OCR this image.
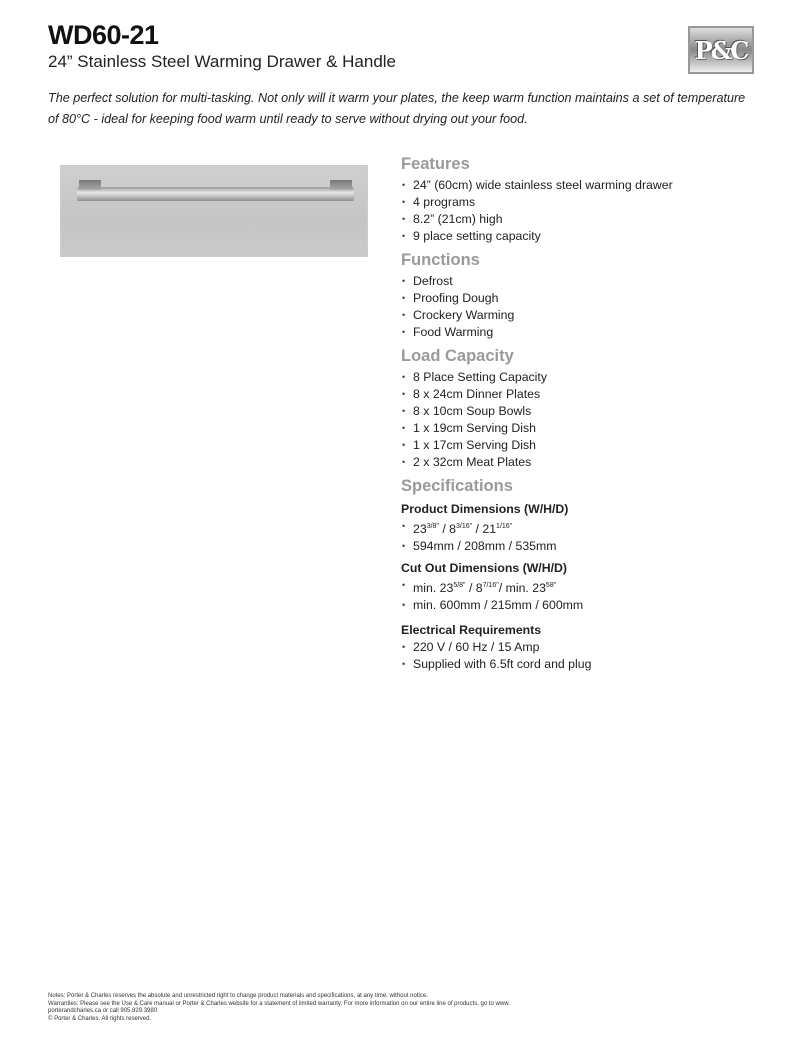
WD60-21
24” Stainless Steel Warming Drawer & Handle	P&C

The perfect solution for multi-tasking. Not only will it warm your plates, the keep warm function maintains a set of temperature of 80°C - ideal for keeping food warm until ready to serve without drying out your food.

Features
• 24” (60cm) wide stainless steel warming drawer
• 4 programs
• 8.2” (21cm) high
• 9 place setting capacity
Functions
• Defrost
• Proofing Dough
• Crockery Warming
• Food Warming
Load Capacity
• 8 Place Setting Capacity
• 8 x 24cm Dinner Plates
• 8 x 10cm Soup Bowls
• 1 x 19cm Serving Dish
• 1 x 17cm Serving Dish
• 2 x 32cm Meat Plates
Specifications
Product Dimensions (W/H/D)
• $23^{3/8"} / 8^{3/16"} / 21^{1/16"}$
• 594mm / 208mm / 535mm
Cut Out Dimensions (W/H/D)
• min. $23^{5/8"} / 8^{7/16"}/$ min. $23^{58"}$
• min. 600mm / 215mm / 600mm
Electrical Requirements
• 220 V / 60 Hz / 15 Amp
• Supplied with 6.5ft cord and plug
Notes: Porter & Charles reserves the absolute and unrestricted right to change product materials and specifications, at any time, without notice.
Warranties: Please see the Use & Care manual or Porter & Charles website for a statement of limited warranty. For more information on our entire line of products, go to www.
porterandcharles.ca or call 905.829.3980
© Porter & Charles. All rights reserved.
